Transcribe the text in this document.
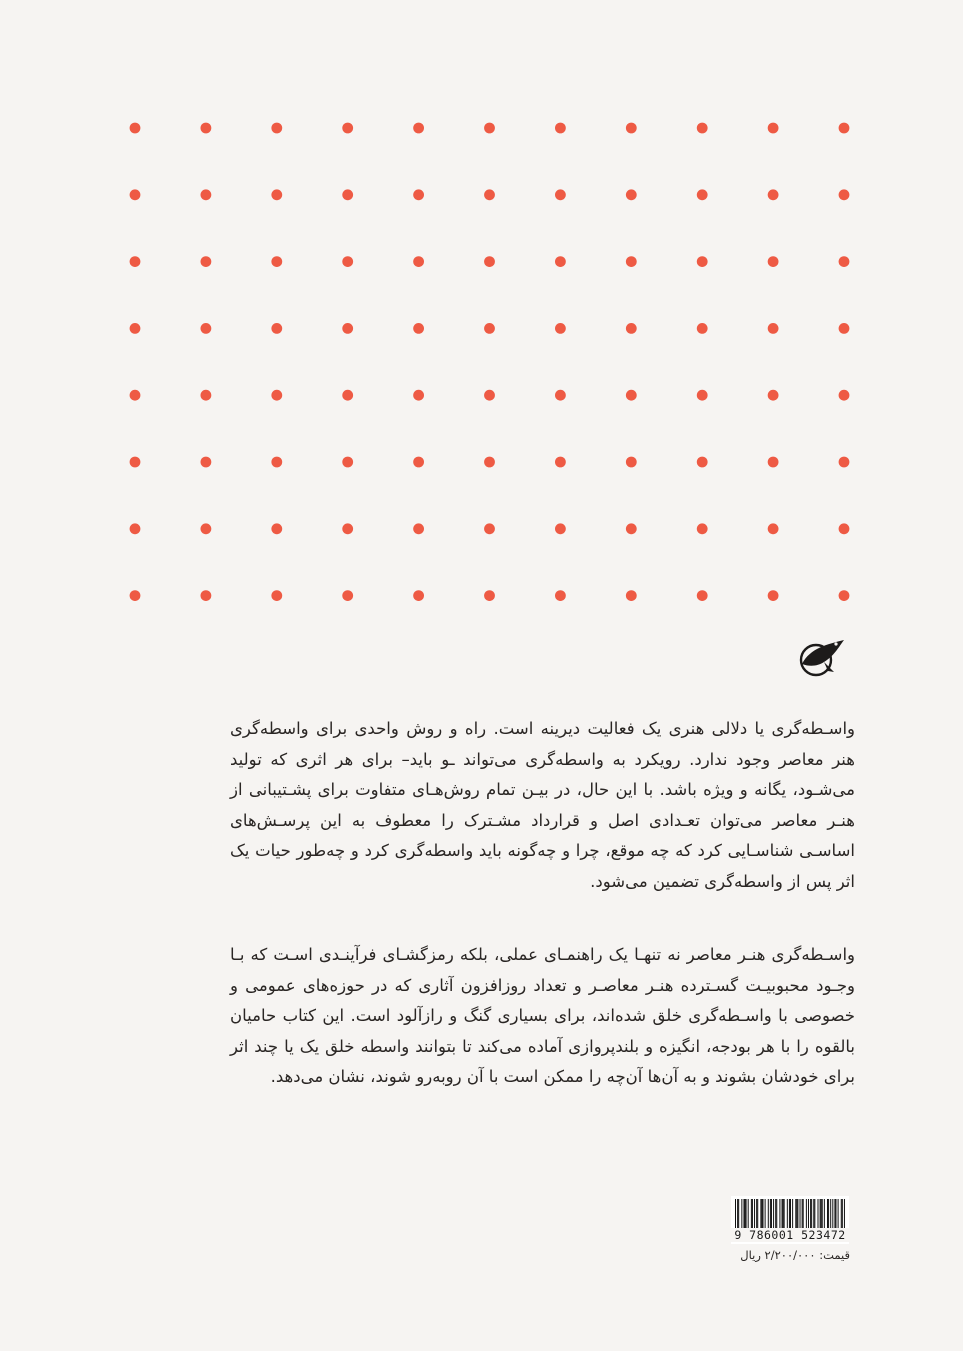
واسـطه‌گری یا دلالی هنری یک فعالیت دیرینه است. راه و روش واحدی برای واسطه‌گری هنر معاصر وجود ندارد. رویکرد به واسطه‌گری می‌تواند ـو باید– برای هر اثری که تولید می‌شـود، یگانه و ویژه باشد. با این حال، در بیـن تمام روش‌هـای متفاوت برای پشـتیبانی از هنـر معاصر می‌توان تعـدادی اصل و قرارداد مشـترک را معطوف به این پرسـش‌های اساسـی شناسـایی کرد که چه موقع، چرا و چه‌گونه باید واسطه‌گری کرد و چه‌طور حیات یک اثر پس از واسطه‌گری تضمین می‌شود.
واسـطه‌گری هنـر معاصر نه تنهـا یک راهنمـای عملی، بلکه رمزگشـای فرآینـدی اسـت که بـا وجـود محبوبیـت گسـترده هنـر معاصـر و تعداد روزافزون آثاری که در حوزه‌های عمومی و خصوصی با واسـطه‌گری خلق شده‌اند، برای بسیاری گنگ و رازآلود است. این کتاب حامیان بالقوه را با هر بودجه، انگیزه و بلندپروازی آماده می‌کند تا بتوانند واسطه خلق یک یا چند اثر برای خودشان بشوند و به آن‌ها آن‌چه را ممکن است با آن روبه‌رو شوند، نشان می‌دهد.
9 786001 523472
قیمت: ۲/۲۰۰/۰۰۰ ریال
